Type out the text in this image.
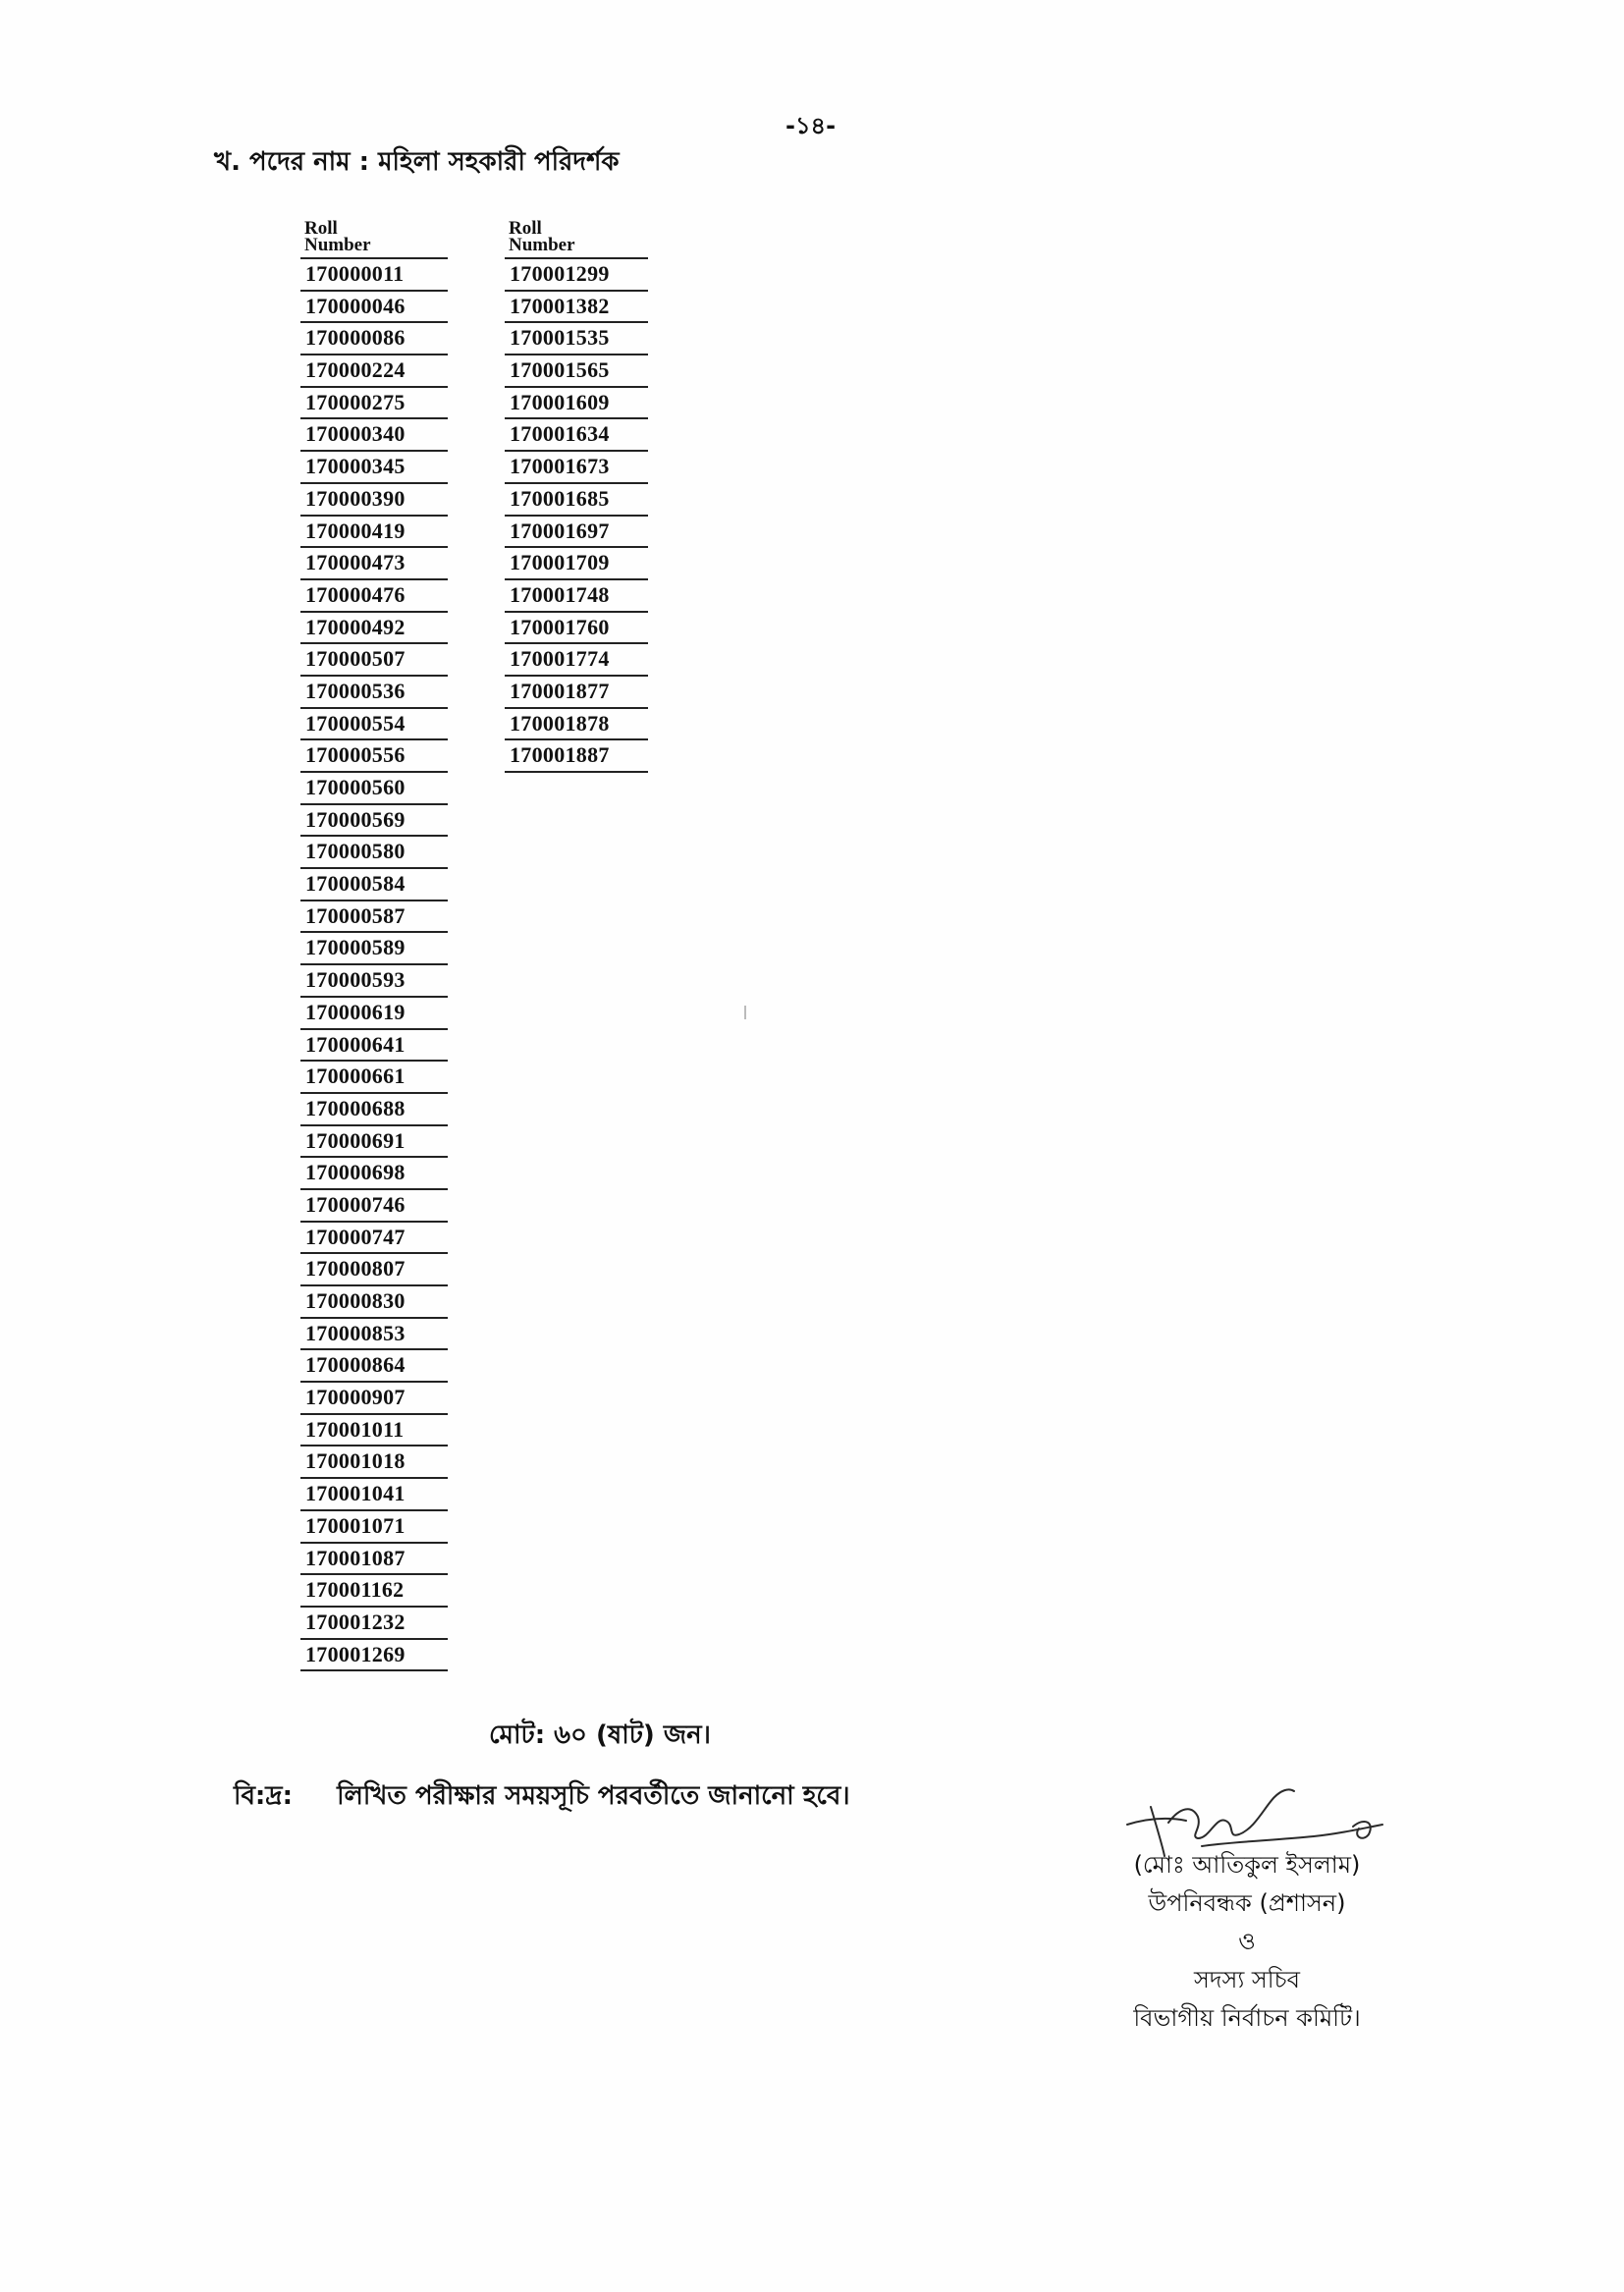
-১৪-
খ. পদের নাম : মহিলা সহকারী পরিদর্শক
Roll
Number
170000011
170000046
170000086
170000224
170000275
170000340
170000345
170000390
170000419
170000473
170000476
170000492
170000507
170000536
170000554
170000556
170000560
170000569
170000580
170000584
170000587
170000589
170000593
170000619
170000641
170000661
170000688
170000691
170000698
170000746
170000747
170000807
170000830
170000853
170000864
170000907
170001011
170001018
170001041
170001071
170001087
170001162
170001232
170001269
Roll
Number
170001299
170001382
170001535
170001565
170001609
170001634
170001673
170001685
170001697
170001709
170001748
170001760
170001774
170001877
170001878
170001887
মোট: ৬০ (ষাট) জন।
বি:দ্র: লিখিত পরীক্ষার সময়সূচি পরবর্তীতে জানানো হবে।
(মোঃ আতিকুল ইসলাম)
উপনিবন্ধক (প্রশাসন)
ও
সদস্য সচিব
বিভাগীয় নির্বাচন কমিটি।
